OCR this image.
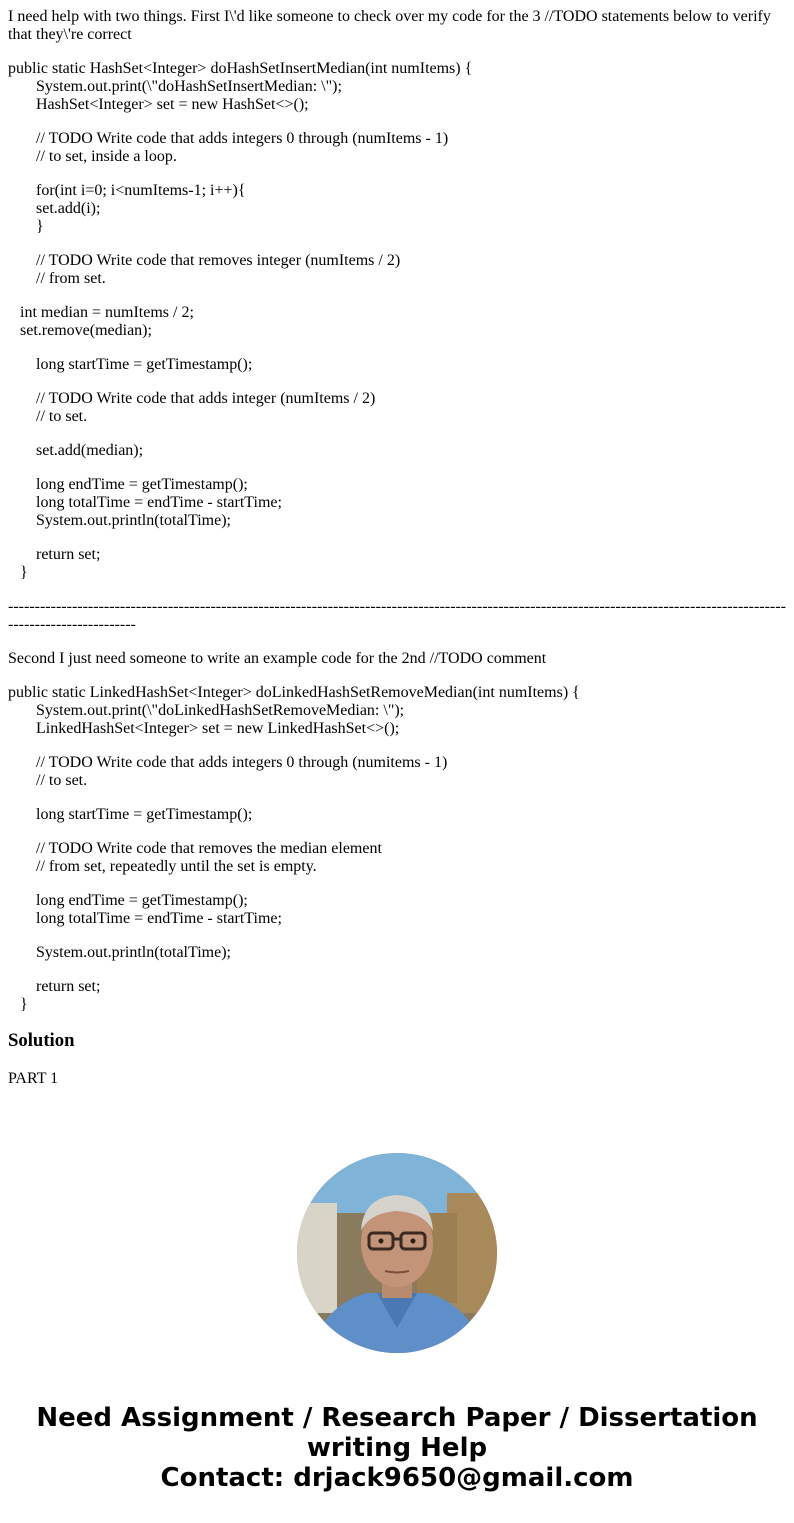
I need help with two things. First I\'d like someone to check over my code for the 3 //TODO statements below to verify that they\'re correct

public static HashSet<Integer> doHashSetInsertMedian(int numItems) {
System.out.print(\"doHashSetInsertMedian: \");
HashSet<Integer> set = new HashSet<>();

// TODO Write code that adds integers 0 through (numItems - 1)
// to set, inside a loop.

for(int i=0; i<numItems-1; i++){
set.add(i);
}

// TODO Write code that removes integer (numItems / 2)
// from set.

int median = numItems / 2;
set.remove(median);

long startTime = getTimestamp();

// TODO Write code that adds integer (numItems / 2)
// to set.

set.add(median);

long endTime = getTimestamp();
long totalTime = endTime - startTime;
System.out.println(totalTime);

return set;
}

--------------------------------------------------------------------------------------------------------------------------------------------------------------------------

Second I just need someone to write an example code for the 2nd //TODO comment

public static LinkedHashSet<Integer> doLinkedHashSetRemoveMedian(int numItems) {
System.out.print(\"doLinkedHashSetRemoveMedian: \");
LinkedHashSet<Integer> set = new LinkedHashSet<>();

// TODO Write code that adds integers 0 through (numitems - 1)
// to set.

long startTime = getTimestamp();

// TODO Write code that removes the median element
// from set, repeatedly until the set is empty.

long endTime = getTimestamp();
long totalTime = endTime - startTime;

System.out.println(totalTime);

return set;
}

Solution

PART 1

Need Assignment / Research Paper / Dissertation writing Help
Contact: drjack9650@gmail.com
